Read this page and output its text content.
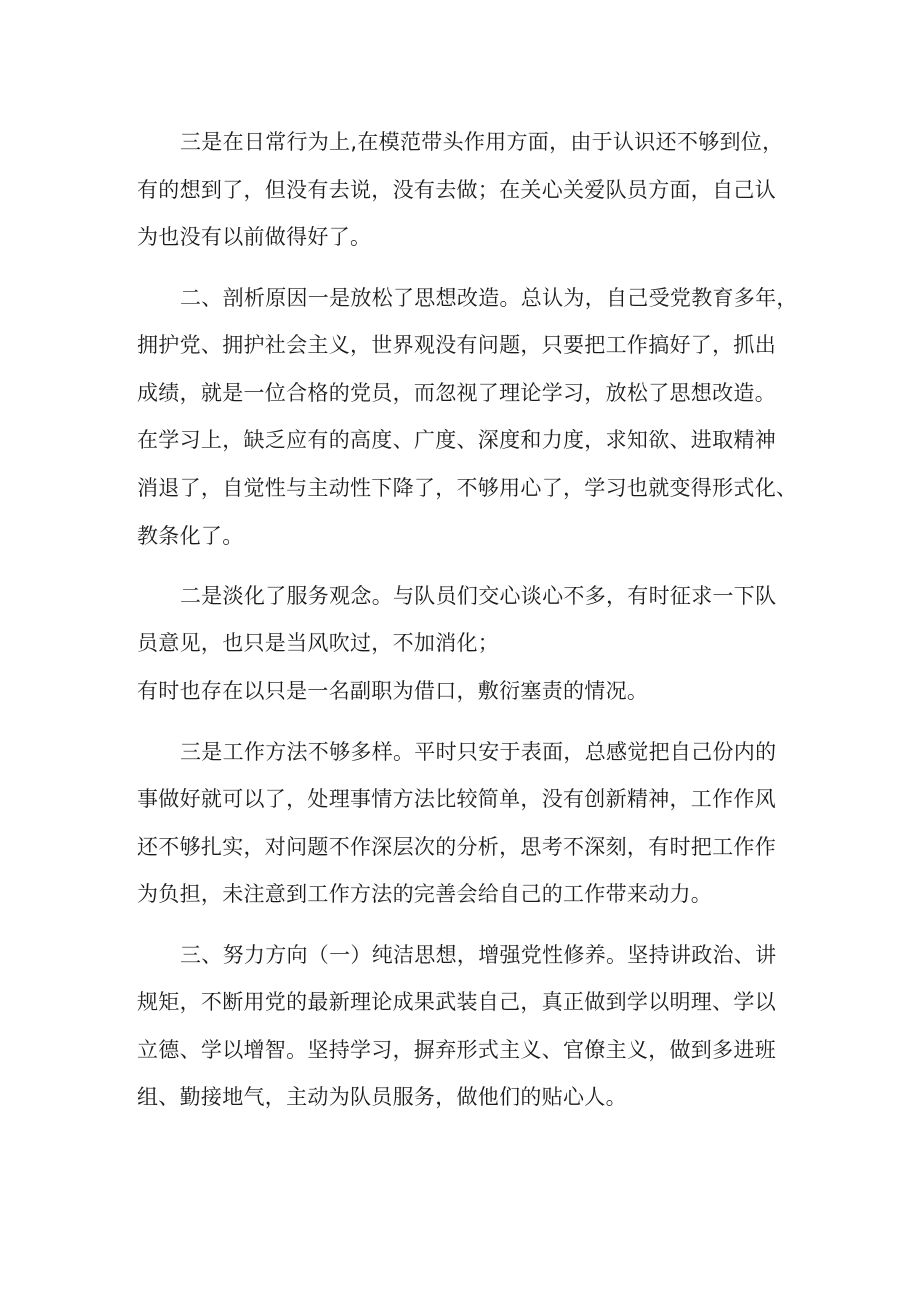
三是在日常行为上,在模范带头作用方面，由于认识还不够到位，
有的想到了，但没有去说，没有去做；在关心关爱队员方面，自己认
为也没有以前做得好了。
二、剖析原因一是放松了思想改造。总认为，自己受党教育多年，
拥护党、拥护社会主义，世界观没有问题，只要把工作搞好了，抓出
成绩，就是一位合格的党员，而忽视了理论学习，放松了思想改造。
在学习上，缺乏应有的高度、广度、深度和力度，求知欲、进取精神
消退了，自觉性与主动性下降了，不够用心了，学习也就变得形式化、
教条化了。
二是淡化了服务观念。与队员们交心谈心不多，有时征求一下队
员意见，也只是当风吹过，不加消化；
有时也存在以只是一名副职为借口，敷衍塞责的情况。
三是工作方法不够多样。平时只安于表面，总感觉把自己份内的
事做好就可以了，处理事情方法比较简单，没有创新精神，工作作风
还不够扎实，对问题不作深层次的分析，思考不深刻，有时把工作作
为负担，未注意到工作方法的完善会给自己的工作带来动力。
三、努力方向（一）纯洁思想，增强党性修养。坚持讲政治、讲
规矩，不断用党的最新理论成果武装自己，真正做到学以明理、学以
立德、学以增智。坚持学习，摒弃形式主义、官僚主义，做到多进班
组、勤接地气，主动为队员服务，做他们的贴心人。
